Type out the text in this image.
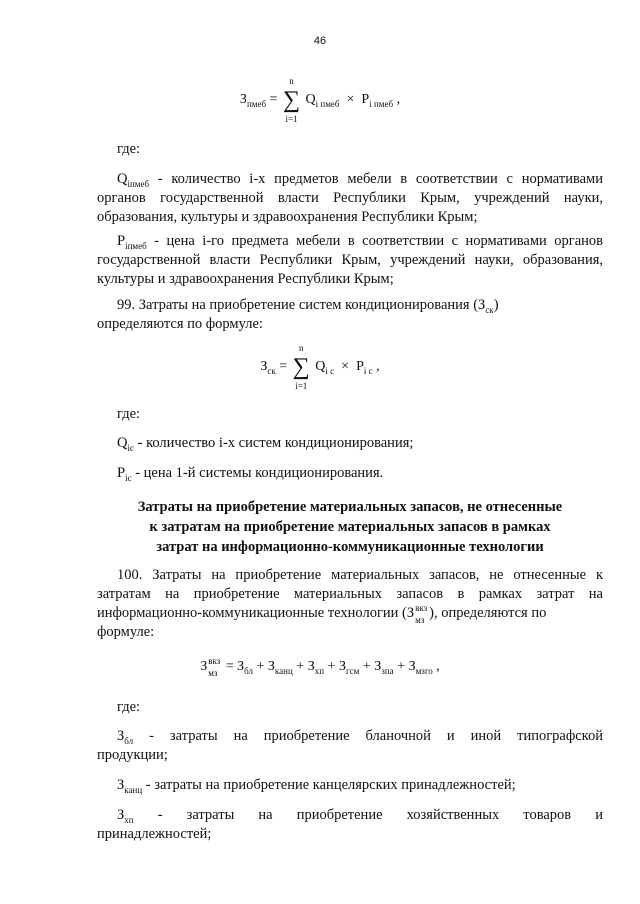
46
$З_{пмеб}$ = ∑
n
i=1
$Q_{i пмеб} \times P_{i пмеб}$ ,

где:

$Q_{iпмеб}$ - количество i-х предметов мебели в соответствии с нормативами органов государственной власти Республики Крым, учреждений науки, образования, культуры и здравоохранения Республики Крым;

$P_{iпмеб}$ - цена i-го предмета мебели в соответствии с нормативами органов государственной власти Республики Крым, учреждений науки, образования, культуры и здравоохранения Республики Крым;

99. Затраты на приобретение систем кондиционирования $(З_{ск})$

определяются по формуле:

$З_{ск}$ = ∑
n
i=1
$Q_{i с} \times P_{i с}$ ,

где:

$Q_{ic}$ - количество i-х систем кондиционирования;

$P_{ic}$ - цена 1-й системы кондиционирования.

Затраты на приобретение материальных запасов, не отнесенные
к затратам на приобретение материальных запасов в рамках
затрат на информационно-коммуникационные технологии

100. Затраты на приобретение материальных запасов, не отнесенные к

затратам на приобретение материальных запасов в рамках затрат на

информационно-коммуникационные технологии (З вкз
мз ), определяются по

формуле:

З вкз
мз = $З_{бл} + З_{канц} + З_{хп} + З_{гсм} + З_{зпа} + З_{мзго}$ ,

где:

$З_{бл}$ - затраты на приобретение бланочной и иной типографской

продукции;

$З_{канц}$ - затраты на приобретение канцелярских принадлежностей;

$З_{хп}$ - затраты на приобретение хозяйственных товаров и

принадлежностей;
